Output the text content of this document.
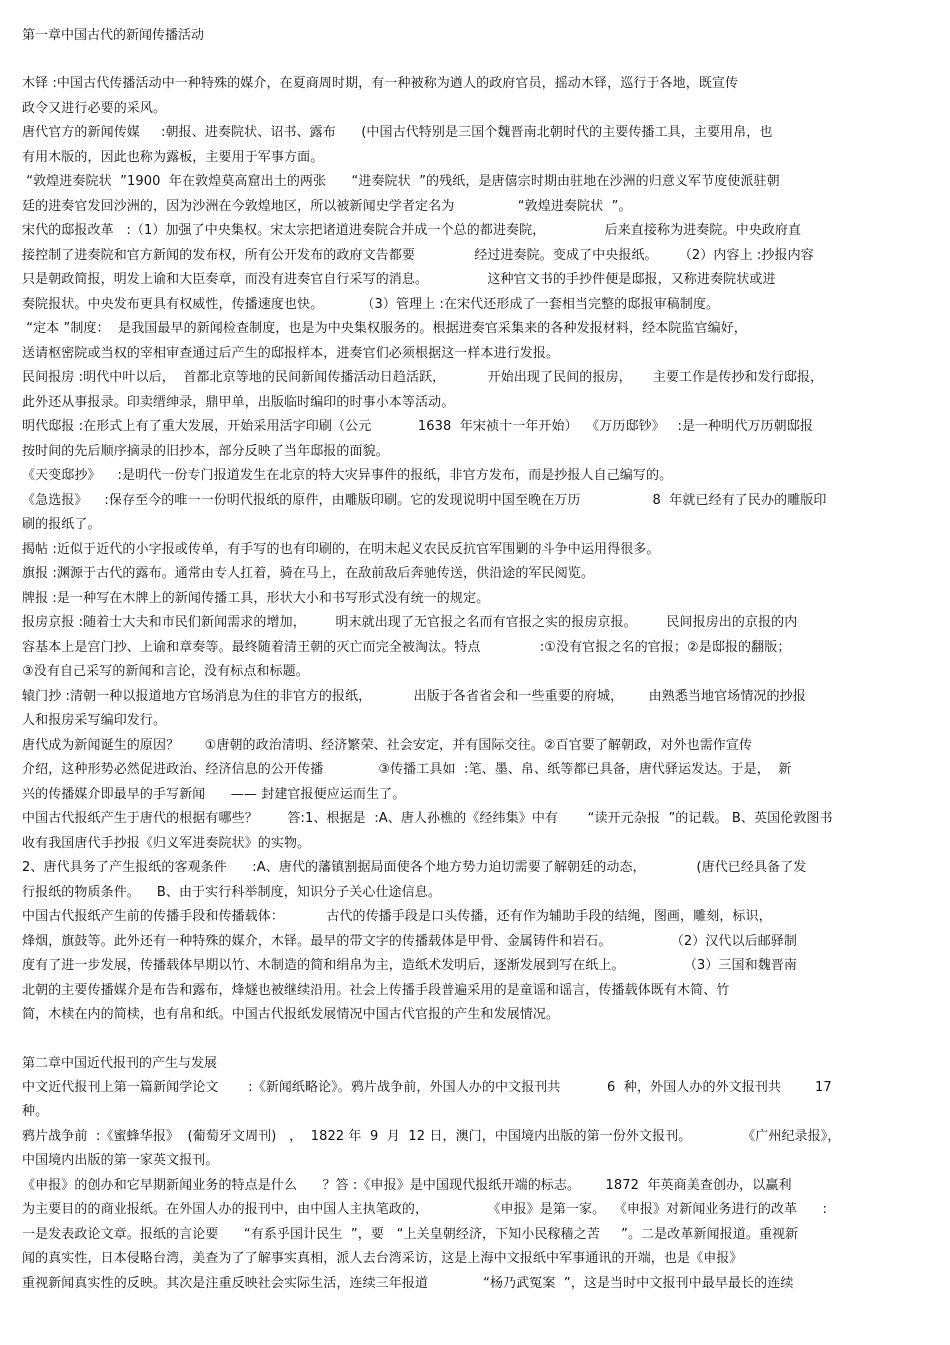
第一章中国古代的新闻传播活动
木铎 :中国古代传播活动中一种特殊的媒介，在夏商周时期，有一种被称为遒人的政府官员，摇动木铎，巡行于各地，既宣传
政令又进行必要的采风。
唐代官方的新闻传媒     :朝报、进奏院状、诏书、露布      (中国古代特别是三国个魏晋南北朝时代的主要传播工具，主要用帛，也
有用木版的，因此也称为露板，主要用于军事方面。
“敦煌进奏院状  ”1900  年在敦煌莫高窟出土的两张      “进奏院状  ”的残纸，是唐僖宗时期由驻地在沙洲的归意义军节度使派驻朝
廷的进奏官发回沙洲的，因为沙洲在今敦煌地区，所以被新闻史学者定名为               “敦煌进奏院状  ”。
宋代的邸报改革   :（1）加强了中央集权。宋太宗把诸道进奏院合并成一个总的都进奏院，              后来直接称为进奏院。中央政府直
接控制了进奏院和官方新闻的发布权，所有公开发布的政府文告都要              经过进奏院。变成了中央报纸。     （2）内容上 :抄报内容
只是朝政简报，明发上谕和大臣奏章，而没有进奏官自行采写的消息。              这种官文书的手抄件便是邸报，又称进奏院状或进
奏院报状。中央发布更具有权威性，传播速度也快。         （3）管理上 :在宋代还形成了一套相当完整的邸报审稿制度。
“定本 ”制度：  是我国最早的新闻检查制度，也是为中央集权服务的。根据进奏官采集来的各种发报材料，经本院监官编好，
送请枢密院或当权的宰相审查通过后产生的邸报样本，进奏官们必须根据这一样本进行发报。
民间报房 :明代中叶以后，  首都北京等地的民间新闻传播活动日趋活跃，          开始出现了民间的报房，     主要工作是传抄和发行邸报，
此外还从事报录。印卖缙绅录，鼎甲单，出版临时编印的时事小本等活动。
明代邸报 :在形式上有了重大发展，开始采用活字印刷（公元           1638  年宋祯十一年开始）  《万历邸钞》   :是一种明代万历朝邸报
按时间的先后顺序摘录的旧抄本，部分反映了当年邸报的面貌。
《天变邸抄》    :是明代一份专门报道发生在北京的特大灾异事件的报纸，非官方发布，而是抄报人自己编写的。
《急选报》    :保存至今的唯一一份明代报纸的原件，由雕版印刷。它的发现说明中国至晚在万历                 8  年就已经有了民办的雕版印
刷的报纸了。
揭帖 :近似于近代的小字报或传单，有手写的也有印刷的，在明末起义农民反抗官军围剿的斗争中运用得很多。
旗报 :渊源于古代的露布。通常由专人扛着，骑在马上，在敌前敌后奔驰传送，供沿途的军民阅览。
牌报 :是一种写在木牌上的新闻传播工具，形状大小和书写形式没有统一的规定。
报房京报 :随着士大夫和市民们新闻需求的增加，       明末就出现了无官报之名而有官报之实的报房京报。       民间报房出的京报的内
容基本上是宫门抄、上谕和章奏等。最终随着清王朝的灭亡而完全被淘汰。特点              :①没有官报之名的官报；②是邸报的翻版；
③没有自己采写的新闻和言论，没有标点和标题。
辕门抄 :清朝一种以报道地方官场消息为住的非官方的报纸，          出版于各省省会和一些重要的府城，      由熟悉当地官场情况的抄报
人和报房采写编印发行。
唐代成为新闻诞生的原因？      ①唐朝的政治清明、经济繁荣、社会安定，并有国际交往。②百官要了解朝政，对外也需作宣传
介绍，这种形势必然促进政治、经济信息的公开传播             ③传播工具如  :笔、墨、帛、纸等都已具备，唐代驿运发达。于是，  新
兴的传播媒介即最早的手写新闻      —— 封建官报便应运而生了。
中国古代报纸产生于唐代的根据有哪些？       答:1、根据是  :A、唐人孙樵的《经纬集》中有       “读开元杂报  ”的记载。 B、英国伦敦图书
收有我国唐代手抄报《归义军进奏院状》的实物。
2、唐代具务了产生报纸的客观条件      :A、唐代的藩镇割据局面使各个地方势力迫切需要了解朝廷的动态，            (唐代已经具备了发
行报纸的物质条件。    B、由于实行科举制度，知识分子关心仕途信息。
中国古代报纸产生前的传播手段和传播载体：          古代的传播手段是口头传播，还有作为辅助手段的结绳，图画，雕刻，标识，
烽烟，旗鼓等。此外还有一种特殊的媒介，木铎。最早的带文字的传播载体是甲骨、金属铸件和岩石。              （2）汉代以后邮驿制
度有了进一步发展，传播载体早期以竹、木制造的简和绢帛为主，造纸术发明后，逐渐发展到写在纸上。              （3）三国和魏晋南
北朝的主要传播媒介是布告和露布，烽燧也被继续沿用。社会上传播手段普遍采用的是童谣和谣言，传播载体既有木简、竹
简，木椟在内的简椟，也有帛和纸。中国古代报纸发展情况中国古代官报的产生和发展情况。
第二章中国近代报刊的产生与发展
中文近代报刊上第一篇新闻学论文       :《新闻纸略论》。鸦片战争前，外国人办的中文报刊共           6  种，外国人办的外文报刊共        17
种。
鸦片战争前  :《蜜蜂华报》  (葡萄牙文周刊)   ，  1822 年  9  月  12 日，澳门，中国境内出版的第一份外文报刊。            《广州纪录报》，
中国境内出版的第一家英文报刊。
《申报》的创办和它早期新闻业务的特点是什么      ？答 :《申报》是中国现代报纸开端的标志。      1872  年英商美查创办，以赢利
为主要目的的商业报纸。在外国人办的报刊中，由中国人主执笔政的，              《申报》是第一家。  《申报》对新闻业务进行的改革      :
一是发表政论文章。报纸的言论要      “有系乎国计民生  ”，要   “上关皇朝经济，下知小民稼穑之苦     ”。二是改革新闻报道。重视新
闻的真实性，日本侵略台湾，美查为了了解事实真相，派人去台湾采访，这是上海中文报纸中军事通讯的开端，也是《申报》
重视新闻真实性的反映。其次是注重反映社会实际生活，连续三年报道             “杨乃武冤案  ”，这是当时中文报刊中最早最长的连续
